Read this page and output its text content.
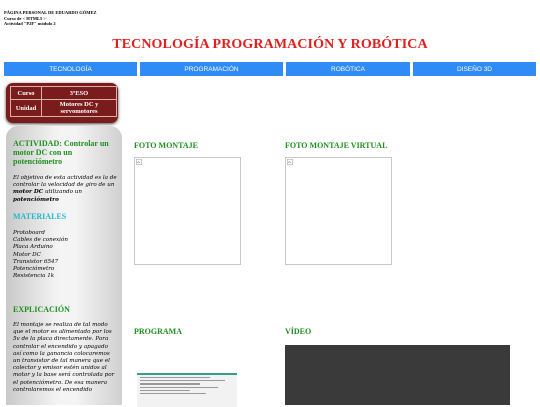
PÁGINA PERSONAL DE EDUARDO GÓMEZ
Curso de < HTML5 >
Actividad "P2F" módulo 2
TECNOLOGÍA PROGRAMACIÓN Y ROBÓTICA
TECNOLOGÍA	PROGRAMACIÓN	ROBÓTICA	DISEÑO 3D
Curso	3ºESO
Unidad	Motores DC y servomotores
ACTIVIDAD: Controlar un motor DC con un potenciómetro
El objetivo de esta actividad es la de controlar la velocidad de giro de un motor DC utilizando un potenciómetro
MATERIALES
Protoboard
Cables de conexión
Placa Arduino
Motor DC
Transistor 6547
Potenciómetro
Resistencia 1k
EXPLICACIÓN
El montaje se realiza de tal modo que el motor es alimentado por los 5v de la placa directamente. Para controlar el encendido y apagado así como la ganancia colocaremos un transistor de tal manera que el colector y emisor estén unidos al motor y la base será controlada por el potenciómetro. De esa manera controlaremos el encendido
FOTO MONTAJE	FOTO MONTAJE VIRTUAL
PROGRAMA	VÍDEO
